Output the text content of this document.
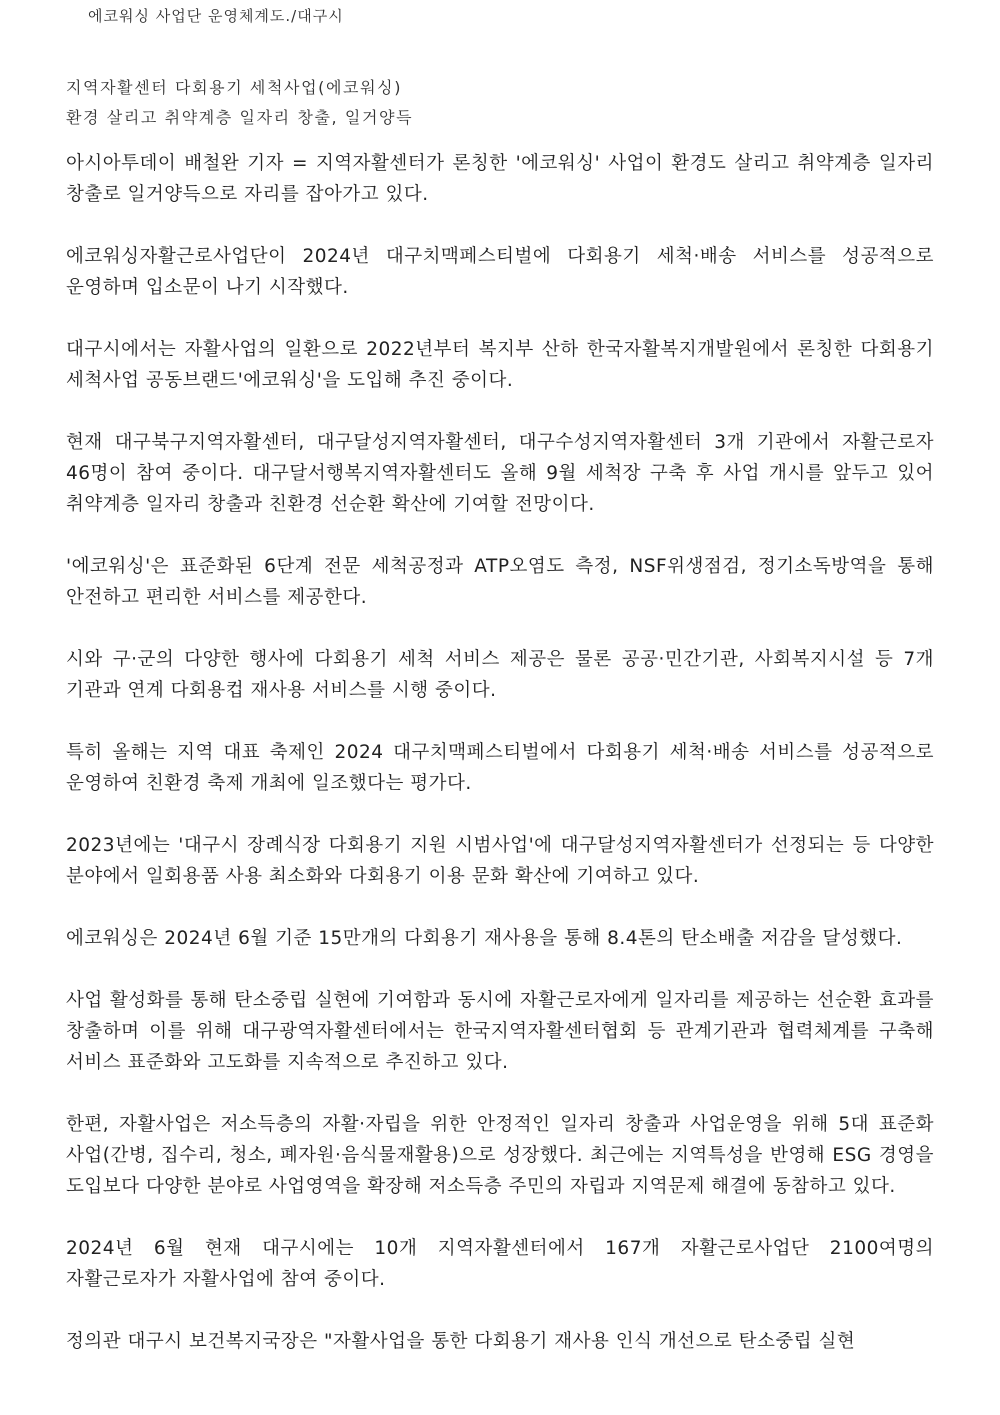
에코워싱 사업단 운영체계도./대구시

지역자활센터 다회용기 세척사업(에코워싱)

환경 살리고 취약계층 일자리 창출, 일거양득

아시아투데이 배철완 기자 = 지역자활센터가 론칭한 '에코워싱' 사업이 환경도 살리고 취약계층 일자리 창출로 일거양득으로 자리를 잡아가고 있다.

에코워싱자활근로사업단이 2024년 대구치맥페스티벌에 다회용기 세척·배송 서비스를 성공적으로 운영하며 입소문이 나기 시작했다.

대구시에서는 자활사업의 일환으로 2022년부터 복지부 산하 한국자활복지개발원에서 론칭한 다회용기 세척사업 공동브랜드'에코워싱'을 도입해 추진 중이다.

현재 대구북구지역자활센터, 대구달성지역자활센터, 대구수성지역자활센터 3개 기관에서 자활근로자 46명이 참여 중이다. 대구달서행복지역자활센터도 올해 9월 세척장 구축 후 사업 개시를 앞두고 있어 취약계층 일자리 창출과 친환경 선순환 확산에 기여할 전망이다.

'에코워싱'은 표준화된 6단계 전문 세척공정과 ATP오염도 측정, NSF위생점검, 정기소독방역을 통해 안전하고 편리한 서비스를 제공한다.

시와 구·군의 다양한 행사에 다회용기 세척 서비스 제공은 물론 공공·민간기관, 사회복지시설 등 7개 기관과 연계 다회용컵 재사용 서비스를 시행 중이다.

특히 올해는 지역 대표 축제인 2024 대구치맥페스티벌에서 다회용기 세척·배송 서비스를 성공적으로 운영하여 친환경 축제 개최에 일조했다는 평가다.

2023년에는 '대구시 장례식장 다회용기 지원 시범사업'에 대구달성지역자활센터가 선정되는 등 다양한 분야에서 일회용품 사용 최소화와 다회용기 이용 문화 확산에 기여하고 있다.

에코워싱은 2024년 6월 기준 15만개의 다회용기 재사용을 통해 8.4톤의 탄소배출 저감을 달성했다.

사업 활성화를 통해 탄소중립 실현에 기여함과 동시에 자활근로자에게 일자리를 제공하는 선순환 효과를 창출하며 이를 위해 대구광역자활센터에서는 한국지역자활센터협회 등 관계기관과 협력체계를 구축해 서비스 표준화와 고도화를 지속적으로 추진하고 있다.

한편, 자활사업은 저소득층의 자활·자립을 위한 안정적인 일자리 창출과 사업운영을 위해 5대 표준화 사업(간병, 집수리, 청소, 폐자원·음식물재활용)으로 성장했다. 최근에는 지역특성을 반영해 ESG 경영을 도입보다 다양한 분야로 사업영역을 확장해 저소득층 주민의 자립과 지역문제 해결에 동참하고 있다.

2024년 6월 현재 대구시에는 10개 지역자활센터에서 167개 자활근로사업단 2100여명의 자활근로자가 자활사업에 참여 중이다.

정의관 대구시 보건복지국장은 "자활사업을 통한 다회용기 재사용 인식 개선으로 탄소중립 실현
